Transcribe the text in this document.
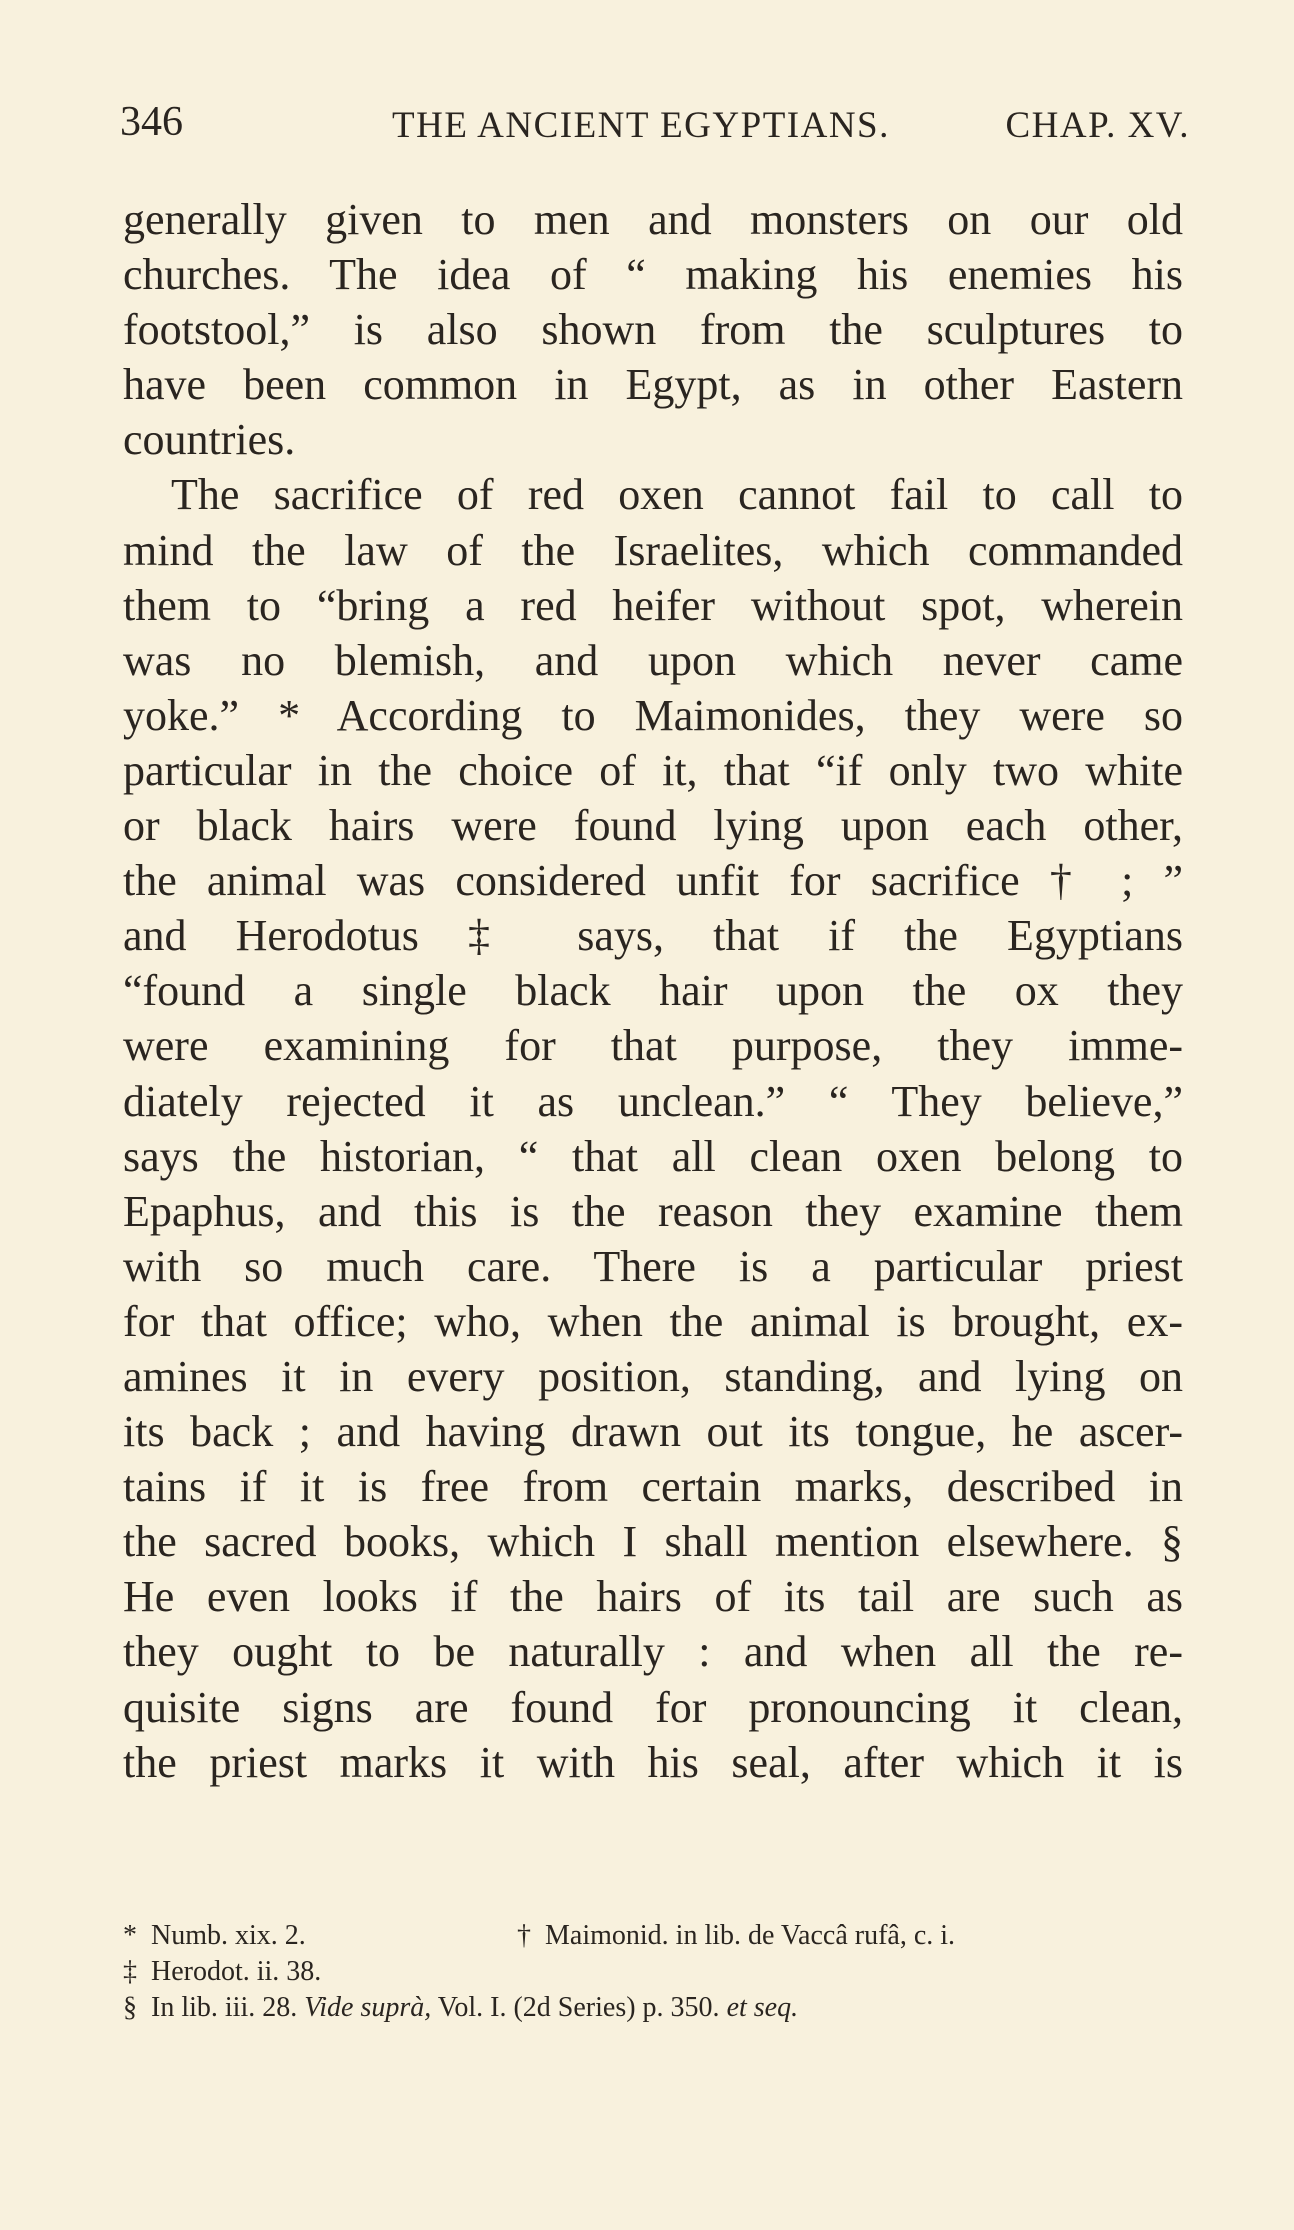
346	THE ANCIENT EGYPTIANS.	CHAP. XV.
generally given to men and monsters on our old
churches. The idea of “ making his enemies his
footstool,” is also shown from the sculptures to
have been common in Egypt, as in other Eastern
countries.
The sacrifice of red oxen cannot fail to call to
mind the law of the Israelites, which commanded
them to “bring a red heifer without spot, wherein
was no blemish, and upon which never came
yoke.” * According to Maimonides, they were so
particular in the choice of it, that “if only two white
or black hairs were found lying upon each other,
the animal was considered unfit for sacrifice † ; ”
and Herodotus ‡ says, that if the Egyptians
“found a single black hair upon the ox they
were examining for that purpose, they imme-
diately rejected it as unclean.” “ They believe,”
says the historian, “ that all clean oxen belong to
Epaphus, and this is the reason they examine them
with so much care. There is a particular priest
for that office; who, when the animal is brought, ex-
amines it in every position, standing, and lying on
its back ; and having drawn out its tongue, he ascer-
tains if it is free from certain marks, described in
the sacred books, which I shall mention elsewhere. §
He even looks if the hairs of its tail are such as
they ought to be naturally : and when all the re-
quisite signs are found for pronouncing it clean,
the priest marks it with his seal, after which it is
* Numb. xix. 2.	† Maimonid. in lib. de Vaccâ rufâ, c. i.
‡ Herodot. ii. 38.
§ In lib. iii. 28. Vide suprà, Vol. I. (2d Series) p. 350. et seq.
